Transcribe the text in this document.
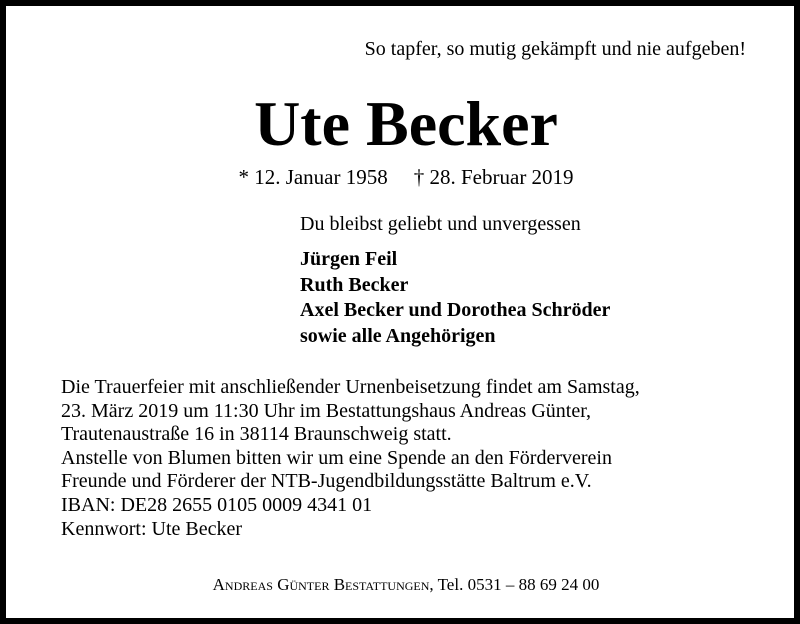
So tapfer, so mutig gekämpft und nie aufgeben!
Ute Becker
* 12. Januar 1958 † 28. Februar 2019
Du bleibst geliebt und unvergessen
Jürgen Feil
Ruth Becker
Axel Becker und Dorothea Schröder
sowie alle Angehörigen
Die Trauerfeier mit anschließender Urnenbeisetzung findet am Samstag,
23. März 2019 um 11:30 Uhr im Bestattungshaus Andreas Günter,
Trautenaustraße 16 in 38114 Braunschweig statt.
Anstelle von Blumen bitten wir um eine Spende an den Förderverein
Freunde und Förderer der NTB-Jugendbildungsstätte Baltrum e.V.
IBAN: DE28 2655 0105 0009 4341 01
Kennwort: Ute Becker
Andreas Günter Bestattungen, Tel. 0531 – 88 69 24 00
